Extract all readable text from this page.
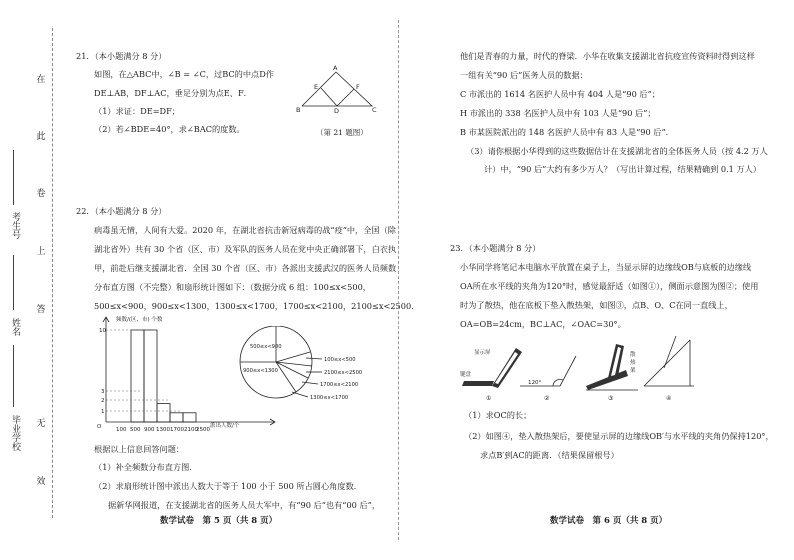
在
此
卷
上
答
无
效
考生号
姓名
毕业学校
21．（本小题满分 8 分）
如图，在△ABC中，∠B = ∠C，过BC的中点D作
DE⊥AB，DF⊥AC，垂足分别为点E、F．
（1）求证：DE=DF；
（2）若∠BDE=40°，求∠BAC的度数。	（第 21 题图）
A
B	C
D
E	F
22．（本小题满分 8 分）
病毒虽无情，人间有大爱。2020 年，在湖北省抗击新冠病毒的战“疫”中，全国（除
湖北省外）共有 30 个省（区、市）及军队的医务人员在党中央正确部署下，白衣执
甲，前赴后继支援湖北省．全国 30 个省（区、市）各派出支援武汉的医务人员频数
分布直方图（不完整）和扇形统计图如下：（数据分成 6 组：100≤x<500，
500≤x<900，900≤x<1300，1300≤x<1700，1700≤x<2100，2100≤x<2500．
10
3
2
1
O
频数/(区、市) 个数
100 500 900 1300 1700 2100
2500
派出人数/个
500≤x<900
900≤x<1300
100≤x<500
2100≤x<2500
1700≤x<2100
1300≤x<1700
根据以上信息回答问题：
（1）补全频数分布直方图．
（2）求扇形统计图中派出人数大于等于 100 小于 500 所占圆心角度数．
据新华网报道，在支援湖北省的医务人员大军中，有“90 后”也有“00 后”，
数学试卷　第 5 页（共 8 页）
他们是青春的力量，时代的脊梁．小华在收集支援湖北省抗疫宣传资料时得到这样
一组有关“90 后”医务人员的数据：
C 市派出的 1614 名医护人员中有 404 人是“90 后”；
H 市派出的 338 名医护人员中有 103 人是“90 后”；
B 市某医院派出的 148 名医护人员中有 83 人是“90 后”．
（3）请你根据小华得到的这些数据估计在支援湖北省的全体医务人员（按 4.2 万人
计）中，“90 后”大约有多少万人？（写出计算过程，结果精确到 0.1 万人）
23．（本小题满分 8 分）
小华同学将笔记本电脑水平放置在桌子上，当显示屏的边缘线OB与底板的边缘线
OA所在水平线的夹角为120°时，感觉最舒适（如图①），侧面示意图为图②；使用
时为了散热，他在底板下垫入散热架，如图③，点B、O、C在同一直线上，
OA=OB=24cm，BC⊥AC，∠OAC=30°。
显示屏
键盘
①
120°
②
散
热
架
③	④
（1）求OC的长；
（2）如图④，垫入散热架后，要使显示屏的边缘线OB′与水平线的夹角仍保持120°，
求点B′到AC的距离．（结果保留根号）
数学试卷　第 6 页（共 8 页）
